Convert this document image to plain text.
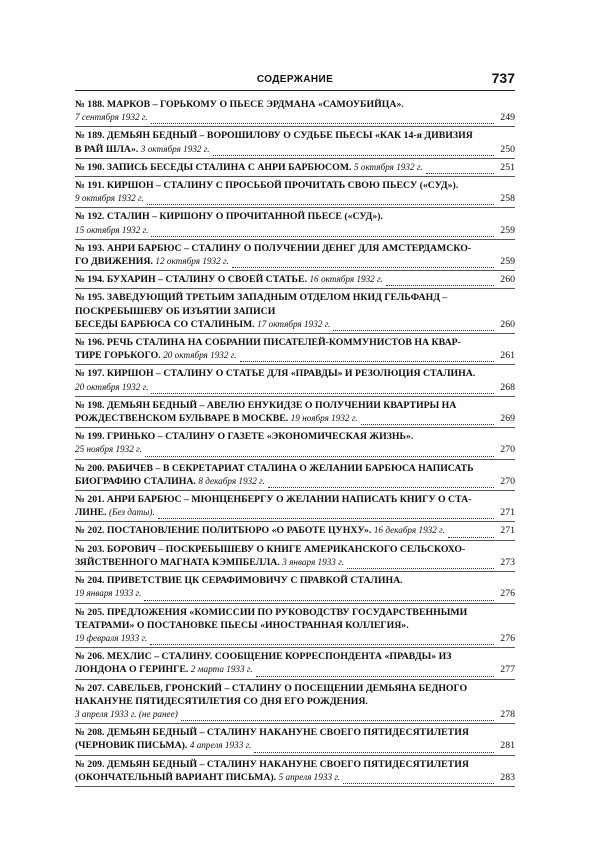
СОДЕРЖАНИЕ	737
№ 188. МАРКОВ – ГОРЬКОМУ О ПЬЕСЕ ЭРДМАНА «САМОУБИЙЦА».
7 сентября 1932 г.	249
№ 189. ДЕМЬЯН БЕДНЫЙ – ВОРОШИЛОВУ О СУДЬБЕ ПЬЕСЫ «КАК 14-я ДИВИЗИЯ
В РАЙ ШЛА». 3 октября 1932 г.	250
№ 190. ЗАПИСЬ БЕСЕДЫ СТАЛИНА С АНРИ БАРБЮСОМ. 5 октября 1932 г.	251
№ 191. КИРШОН – СТАЛИНУ С ПРОСЬБОЙ ПРОЧИТАТЬ СВОЮ ПЬЕСУ («СУД»).
9 октября 1932 г.	258
№ 192. СТАЛИН – КИРШОНУ О ПРОЧИТАННОЙ ПЬЕСЕ («СУД»).
15 октября 1932 г.	259
№ 193. АНРИ БАРБЮС – СТАЛИНУ О ПОЛУЧЕНИИ ДЕНЕГ ДЛЯ АМСТЕРДАМСКО-
ГО ДВИЖЕНИЯ. 12 октября 1932 г.	259
№ 194. БУХАРИН – СТАЛИНУ О СВОЕЙ СТАТЬЕ. 16 октября 1932 г.	260
№ 195. ЗАВЕДУЮЩИЙ ТРЕТЬИМ ЗАПАДНЫМ ОТДЕЛОМ НКИД ГЕЛЬФАНД –
ПОСКРЕБЫШЕВУ ОБ ИЗЪЯТИИ ЗАПИСИ
БЕСЕДЫ БАРБЮСА СО СТАЛИНЫМ. 17 октября 1932 г.	260
№ 196. РЕЧЬ СТАЛИНА НА СОБРАНИИ ПИСАТЕЛЕЙ-КОММУНИСТОВ НА КВАР-
ТИРЕ ГОРЬКОГО. 20 октября 1932 г.	261
№ 197. КИРШОН – СТАЛИНУ О СТАТЬЕ ДЛЯ «ПРАВДЫ» И РЕЗОЛЮЦИЯ СТАЛИНА.
20 октября 1932 г.	268
№ 198. ДЕМЬЯН БЕДНЫЙ – АВЕЛЮ ЕНУКИДЗЕ О ПОЛУЧЕНИИ КВАРТИРЫ НА
РОЖДЕСТВЕНСКОМ БУЛЬВАРЕ В МОСКВЕ. 19 ноября 1932 г.	269
№ 199. ГРИНЬКО – СТАЛИНУ О ГАЗЕТЕ «ЭКОНОМИЧЕСКАЯ ЖИЗНЬ».
25 ноября 1932 г.	270
№ 200. РАБИЧЕВ – В СЕКРЕТАРИАТ СТАЛИНА О ЖЕЛАНИИ БАРБЮСА НАПИСАТЬ
БИОГРАФИЮ СТАЛИНА. 8 декабря 1932 г.	270
№ 201. АНРИ БАРБЮС – МЮНЦЕНБЕРГУ О ЖЕЛАНИИ НАПИСАТЬ КНИГУ О СТА-
ЛИНЕ. (Без даты).	271
№ 202. ПОСТАНОВЛЕНИЕ ПОЛИТБЮРО «О РАБОТЕ ЦУНХУ». 16 декабря 1932 г.	271
№ 203. БОРОВИЧ – ПОСКРЕБЫШЕВУ О КНИГЕ АМЕРИКАНСКОГО СЕЛЬСКОХО-
ЗЯЙСТВЕННОГО МАГНАТА КЭМПБЕЛЛА. 3 января 1933 г.	273
№ 204. ПРИВЕТСТВИЕ ЦК СЕРАФИМОВИЧУ С ПРАВКОЙ СТАЛИНА.
19 января 1933 г.	276
№ 205. ПРЕДЛОЖЕНИЯ «КОМИССИИ ПО РУКОВОДСТВУ ГОСУДАРСТВЕННЫМИ
ТЕАТРАМИ» О ПОСТАНОВКЕ ПЬЕСЫ «ИНОСТРАННАЯ КОЛЛЕГИЯ».
19 февраля 1933 г.	276
№ 206. МЕХЛИС – СТАЛИНУ. СООБЩЕНИЕ КОРРЕСПОНДЕНТА «ПРАВДЫ» ИЗ
ЛОНДОНА О ГЕРИНГЕ. 2 марта 1933 г.	277
№ 207. САВЕЛЬЕВ, ГРОНСКИЙ – СТАЛИНУ О ПОСЕЩЕНИИ ДЕМЬЯНА БЕДНОГО
НАКАНУНЕ ПЯТИДЕСЯТИЛЕТИЯ СО ДНЯ ЕГО РОЖДЕНИЯ.
3 апреля 1933 г. (не ранее)	278
№ 208. ДЕМЬЯН БЕДНЫЙ – СТАЛИНУ НАКАНУНЕ СВОЕГО ПЯТИДЕСЯТИЛЕТИЯ
(ЧЕРНОВИК ПИСЬМА). 4 апреля 1933 г.	281
№ 209. ДЕМЬЯН БЕДНЫЙ – СТАЛИНУ НАКАНУНЕ СВОЕГО ПЯТИДЕСЯТИЛЕТИЯ
(ОКОНЧАТЕЛЬНЫЙ ВАРИАНТ ПИСЬМА). 5 апреля 1933 г.	283
